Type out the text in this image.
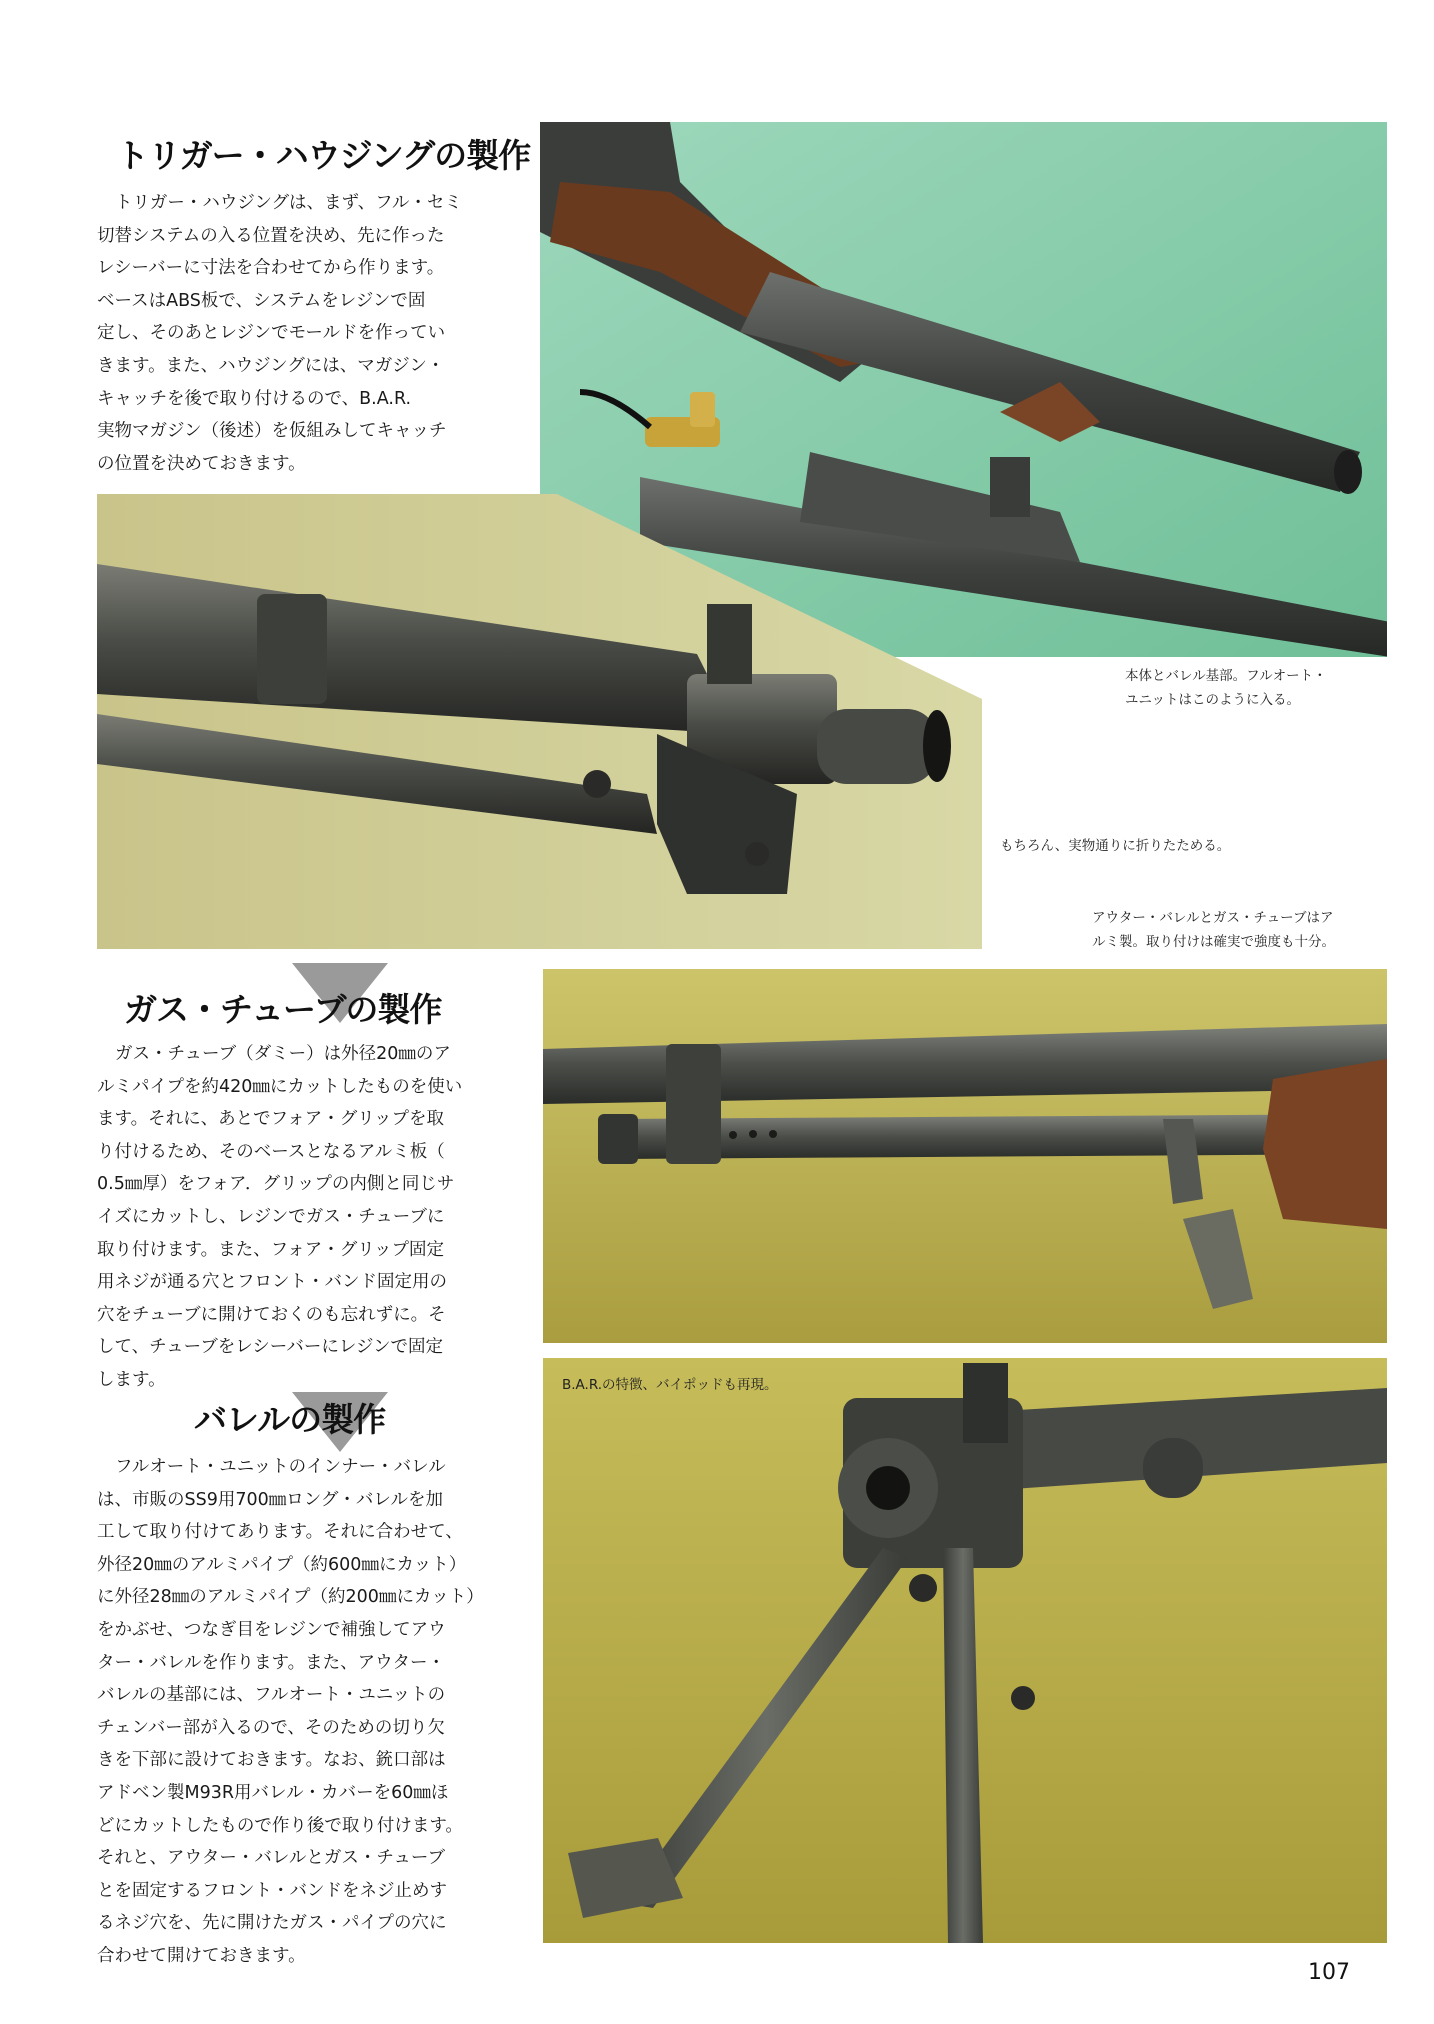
トリガー・ハウジングの製作
トリガー・ハウジングは、まず、フル・セミ
切替システムの入る位置を決め、先に作った
レシーバーに寸法を合わせてから作ります。
ベースはABS板で、システムをレジンで固
定し、そのあとレジンでモールドを作ってい
きます。また、ハウジングには、マガジン・
キャッチを後で取り付けるので、B.A.R.
実物マガジン（後述）を仮組みしてキャッチ
の位置を決めておきます。
本体とバレル基部。フルオート・
ユニットはこのように入る。
もちろん、実物通りに折りたためる。
アウター・バレルとガス・チューブはア
ルミ製。取り付けは確実で強度も十分。
ガス・チューブの製作
ガス・チューブ（ダミー）は外径20㎜のア
ルミパイプを約420㎜にカットしたものを使い
ます。それに、あとでフォア・グリップを取
り付けるため、そのベースとなるアルミ板（
0.5㎜厚）をフォア．グリップの内側と同じサ
イズにカットし、レジンでガス・チューブに
取り付けます。また、フォア・グリップ固定
用ネジが通る穴とフロント・バンド固定用の
穴をチューブに開けておくのも忘れずに。そ
して、チューブをレシーバーにレジンで固定
します。
バレルの製作
フルオート・ユニットのインナー・バレル
は、市販のSS9用700㎜ロング・バレルを加
工して取り付けてあります。それに合わせて、
外径20㎜のアルミパイプ（約600㎜にカット）
に外径28㎜のアルミパイプ（約200㎜にカット）
をかぶせ、つなぎ目をレジンで補強してアウ
ター・バレルを作ります。また、アウター・
バレルの基部には、フルオート・ユニットの
チェンバー部が入るので、そのための切り欠
きを下部に設けておきます。なお、銃口部は
アドベン製M93R用バレル・カバーを60㎜ほ
どにカットしたもので作り後で取り付けます。
それと、アウター・バレルとガス・チューブ
とを固定するフロント・バンドをネジ止めす
るネジ穴を、先に開けたガス・パイプの穴に
合わせて開けておきます。
B.A.R.の特徴、バイポッドも再現。
107
